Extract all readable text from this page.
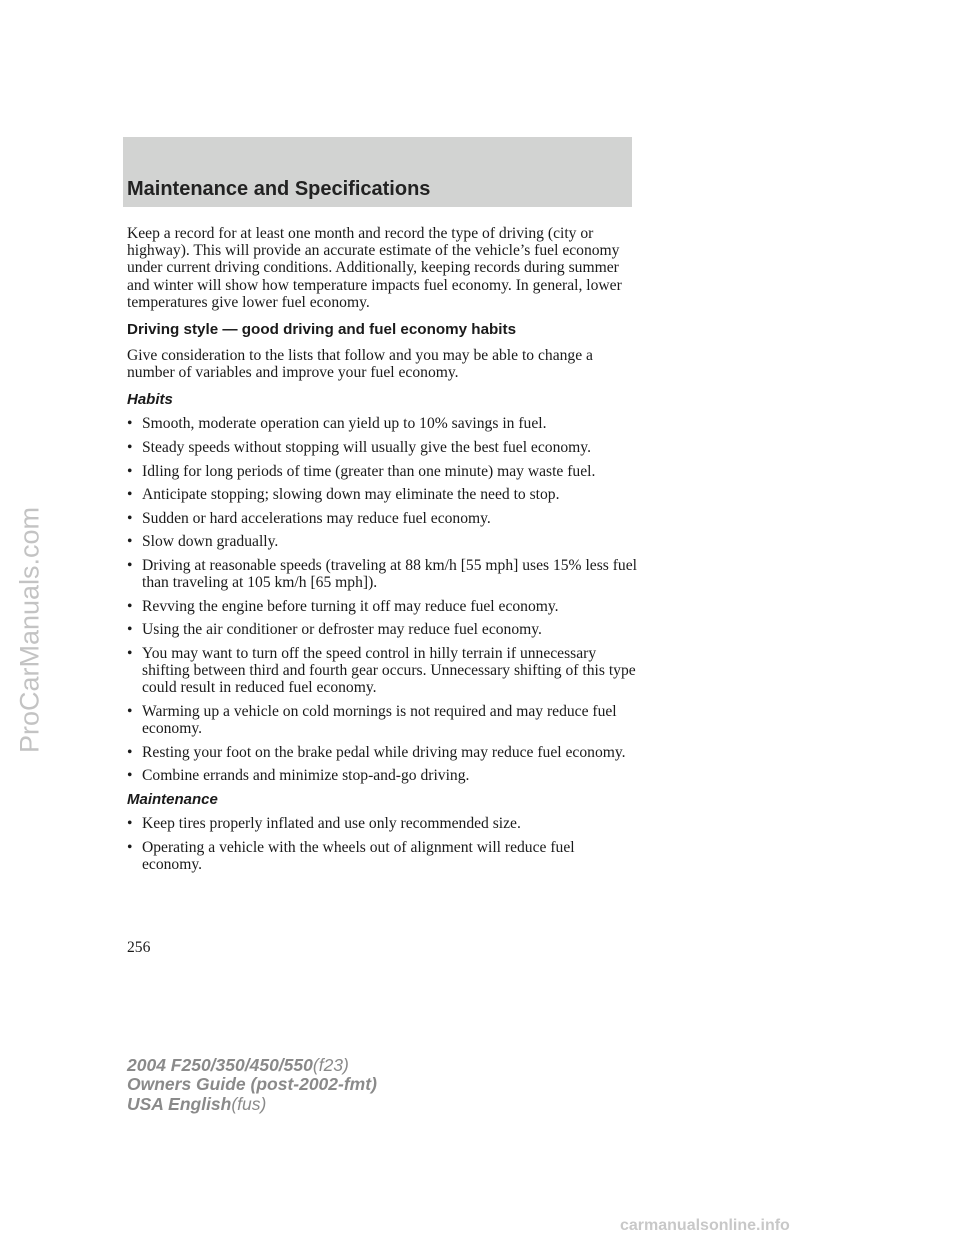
Maintenance and Specifications

Keep a record for at least one month and record the type of driving (city or highway). This will provide an accurate estimate of the vehicle’s fuel economy under current driving conditions. Additionally, keeping records during summer and winter will show how temperature impacts fuel economy. In general, lower temperatures give lower fuel economy.

Driving style — good driving and fuel economy habits

Give consideration to the lists that follow and you may be able to change a number of variables and improve your fuel economy.

Habits
• Smooth, moderate operation can yield up to 10% savings in fuel.
• Steady speeds without stopping will usually give the best fuel economy.
• Idling for long periods of time (greater than one minute) may waste fuel.
• Anticipate stopping; slowing down may eliminate the need to stop.
• Sudden or hard accelerations may reduce fuel economy.
• Slow down gradually.
• Driving at reasonable speeds (traveling at 88 km/h [55 mph] uses 15% less fuel than traveling at 105 km/h [65 mph]).
• Revving the engine before turning it off may reduce fuel economy.
• Using the air conditioner or defroster may reduce fuel economy.
• You may want to turn off the speed control in hilly terrain if unnecessary shifting between third and fourth gear occurs. Unnecessary shifting of this type could result in reduced fuel economy.
• Warming up a vehicle on cold mornings is not required and may reduce fuel economy.
• Resting your foot on the brake pedal while driving may reduce fuel economy.
• Combine errands and minimize stop-and-go driving.
Maintenance
• Keep tires properly inflated and use only recommended size.
• Operating a vehicle with the wheels out of alignment will reduce fuel economy.
256
2004 F250/350/450/550(f23)
Owners Guide (post-2002-fmt)
USA English(fus)
ProCarManuals.com
carmanualsonline.info
